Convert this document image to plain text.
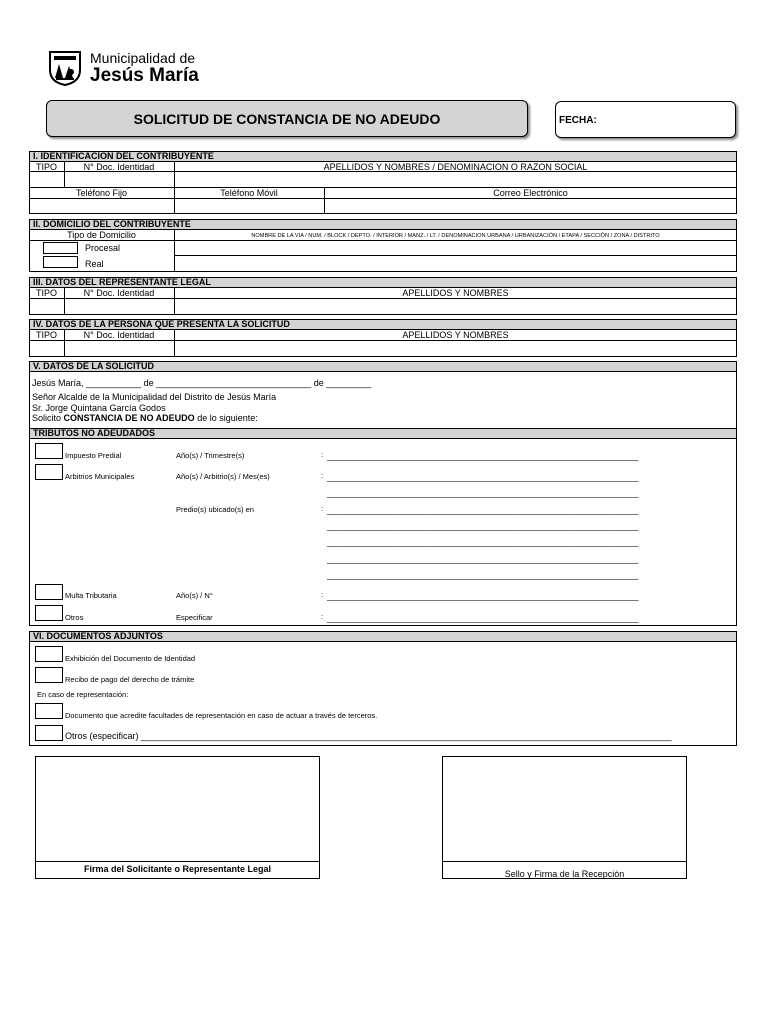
Municipalidad de
Jesús María
SOLICITUD DE CONSTANCIA DE NO ADEUDO	FECHA:
I. IDENTIFICACION DEL CONTRIBUYENTE
TIPO	N° Doc. Identidad	APELLIDOS Y NOMBRES / DENOMINACION O RAZON SOCIAL
Teléfono Fijo	Teléfono Móvil	Correo Electrónico
II. DOMICILIO DEL CONTRIBUYENTE
Tipo de Domicilio	NOMBRE DE LA VIA / NUM. / BLOCK / DEPTO. / INTERIOR / MANZ. / LT. / DENOMINACION URBANA / URBANIZACIÓN / ETAPA / SECCIÓN / ZONA / DISTRITO
Procesal
Real
III. DATOS DEL REPRESENTANTE LEGAL
TIPO	N° Doc. Identidad	APELLIDOS Y NOMBRES
IV. DATOS DE LA PERSONA QUE PRESENTA LA SOLICITUD
TIPO	N° Doc. Identidad	APELLIDOS Y NOMBRES
V. DATOS DE LA SOLICITUD
Jesús María, ___________ de _______________________________ de _________
Señor Alcalde de la Municipalidad del Distrito de Jesús María
Sr. Jorge Quintana García Godos
Solicito CONSTANCIA DE NO ADEUDO de lo siguiente:
TRIBUTOS NO ADEUDADOS
Impuesto Predial	Año(s) / Trimestre(s)	: ______________________________________________________________________
Arbitrios Municipales	Año(s) / Arbitrio(s) / Mes(es)	: ______________________________________________________________________
______________________________________________________________________
Predio(s) ubicado(s) en	: ______________________________________________________________________
______________________________________________________________________
______________________________________________________________________
______________________________________________________________________
______________________________________________________________________
Multa Tributaria	Año(s) / N°	: ______________________________________________________________________
Otros	Especificar	: ______________________________________________________________________
VI. DOCUMENTOS ADJUNTOS
Exhibición del Documento de Identidad
Recibo de pago del derecho de trámite
En caso de representación:
Documento que acredite facultades de representación en caso de actuar a través de terceros.
Otros (especificar) __________________________________________________________________________________________________________
Firma del Solicitante o Representante Legal	Sello y Firma de la Recepción
